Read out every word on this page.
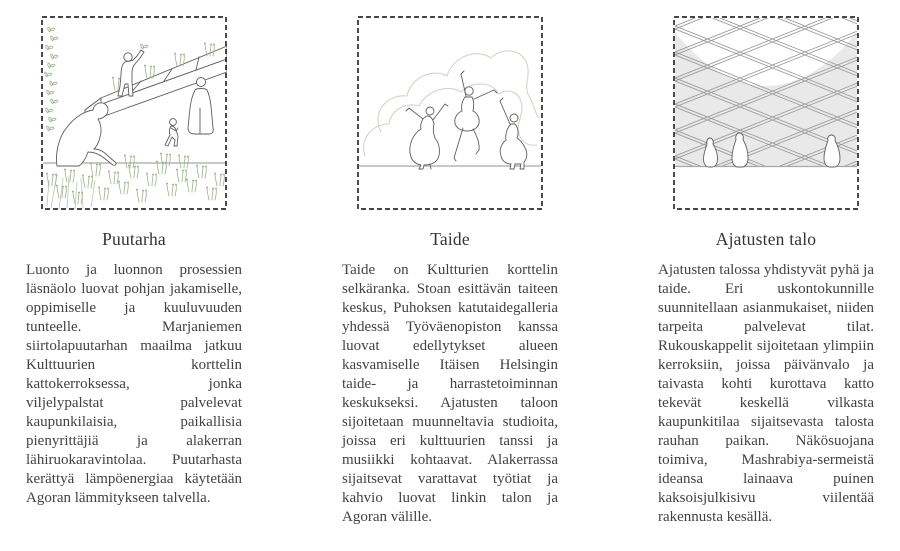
Puutarha

Luonto ja luonnon prosessien läsnäolo luovat pohjan jakamiselle, oppimiselle ja kuuluvuuden tunteelle. Marjaniemen siirtolapuutarhan maailma jatkuu Kulttuurien korttelin kattokerroksessa, jonka viljelypalstat palvelevat kaupunkilaisia, paikallisia pienyrittäjiä ja alakerran lähiruokaravintolaa. Puutarhasta kerättyä lämpöenergiaa käytetään Agoran lämmitykseen talvella.

Taide

Taide on Kultturien korttelin selkäranka. Stoan esittävän taiteen keskus, Puhoksen katutaidegalleria yhdessä Työväenopiston kanssa luovat edellytykset alueen kasvamiselle Itäisen Helsingin taide- ja harrastetoiminnan keskukseksi. Ajatusten taloon sijoitetaan muunneltavia studioita, joissa eri kulttuurien tanssi ja musiikki kohtaavat. Alakerrassa sijaitsevat varattavat työtiat ja kahvio luovat linkin talon ja Agoran välille.

Ajatusten talo

Ajatusten talossa yhdistyvät pyhä ja taide. Eri uskontokunnille suunnitellaan asianmukaiset, niiden tarpeita palvelevat tilat. Rukouskappelit sijoitetaan ylimpiin kerroksiin, joissa päivänvalo ja taivasta kohti kurottava katto tekevät keskellä vilkasta kaupunkitilaa sijaitsevasta talosta rauhan paikan. Näkösuojana toimiva, Mashrabiya-sermeistä ideansa lainaava puinen kaksoisjulkisivu viilentää rakennusta kesällä.
